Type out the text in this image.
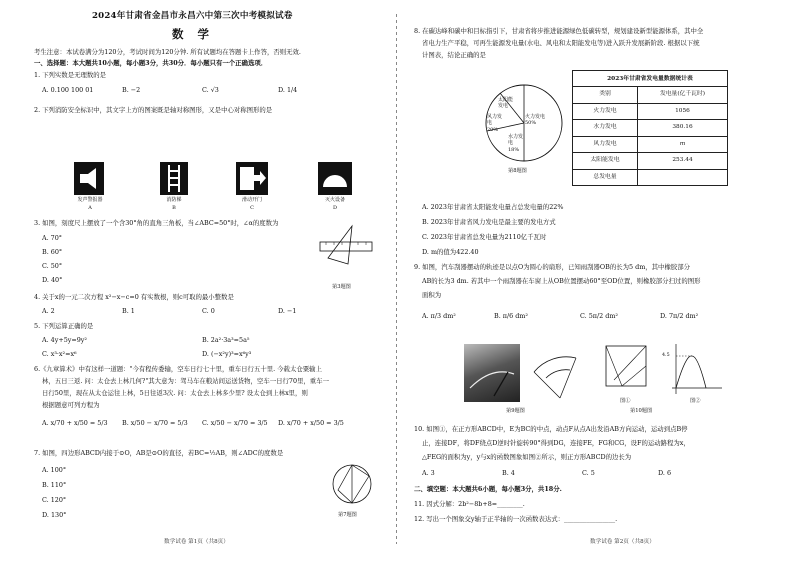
2024年甘肃省金昌市永昌六中第三次中考模拟试卷
数学
考生注意：本试卷满分为120分，考试时间为120分钟. 所有试题均在答题卡上作答，否则无效.
一、选择题：本大题共10小题，每小题3分，共30分．每小题只有一个正确选项．
1. 下列实数是无理数的是
A. 0.100 100 01	B. −2	C. √3	D. 1/4
2. 下列消防安全标识中，其文字上方的图案既是轴对称图形，又是中心对称图形的是
发声警报器	消防梯	滑动开门	灭火设备
A	B	C	D
3. 如图，刻度尺上摆放了一个含30°角的直角三角板，当∠ABC=50°时，∠α的度数为
A. 70°
B. 60°
C. 50°
D. 40°
第3题图
4. 关于x的一元二次方程 x²−x−c=0 有实数根，则c可取的最小整数是
A. 2	B. 1	C. 0	D. −1
5. 下列运算正确的是
A. 4y+5y=9y²	B. 2a²·3a³=5a⁵
C. x³·x²=x⁶	D. (−x²y)³=x⁶y³
6.《九章算术》中有这样一道题："今有程传委输，空车日行七十里，重车日行五十里. 今载太仓粟输上
林，五日三返. 问：太仓去上林几何?"其大意为：驾马车在粮站间运送货物，空车一日行70里，重车一
日行50里，现在从太仓运往上林，5日往返3次. 问：太仓去上林多少里? 设太仓到上林x里，则
根据题意可列方程为
A. x/70 + x/50 = 5/3 B. x/50 − x/70 = 5/3 C. x/50 − x/70 = 3/5 D. x/70 + x/50 = 3/5
7. 如图，四边形ABCD内接于⊙O，AB是⊙O的直径，若BC=½AB，则∠ADC的度数是
A. 100°
B. 110°
C. 120°
D. 130°	第7题图
数学试卷 第1页（共8页）
8. 在碳达峰和碳中和目标指引下，甘肃省将步推进能源绿色低碳转型，规划建设新型能源体系，其中全
省电力生产平稳，可再生能源发电量(水电、风电和太阳能发电等)进入跃升发展新阶段. 根据以下统
计图表，结论正确的是
太阳能发电
风力发电 20%
火力发电 50%
水力发电 18%
第8题图
2023年甘肃省发电量数据统计表
类别	发电量(亿千瓦时)
火力发电	1056
水力发电	380.16
风力发电	m
太阳能发电	253.44
总发电量	
A. 2023年甘肃省太阳能发电量占总发电量的22%
B. 2023年甘肃省风力发电是最主要的发电方式
C. 2023年甘肃省总发电量为2110亿千瓦时
D. m的值为422.40
9. 如图，汽车刮器摆动的轨迹是以点O为圆心的扇形，已知雨刮器OB的长为5 dm，其中橡胶部分
AB的长为3 dm. 若其中一个雨刮器在车窗上从OB位置摆动60°至OD位置，则橡胶部分扫过的图形
面积为
A. π/3 dm²	B. π/6 dm²	C. 5π/2 dm²	D. 7π/2 dm²
第9题图
图①
4.5
图②
第10题图
10. 如图①，在正方形ABCD中，E为BC的中点，动点F从点A出发沿AB方向运动，运动到点B停
止，连接DF，将DF绕点D逆时针旋转90°得到DG，连接FE，FG和CG，设F的运动路程为x，
△FEG的面积为y，y与x的函数图象如图②所示，则正方形ABCD的边长为
A. 3	B. 4	C. 5	D. 6
二、填空题：本大题共6小题，每小题3分，共18分.
11. 因式分解：2b²−8b+8=________.
12. 写出一个图象交y轴于正半轴的一次函数表达式：________________.
数学试卷 第2页（共8页）
